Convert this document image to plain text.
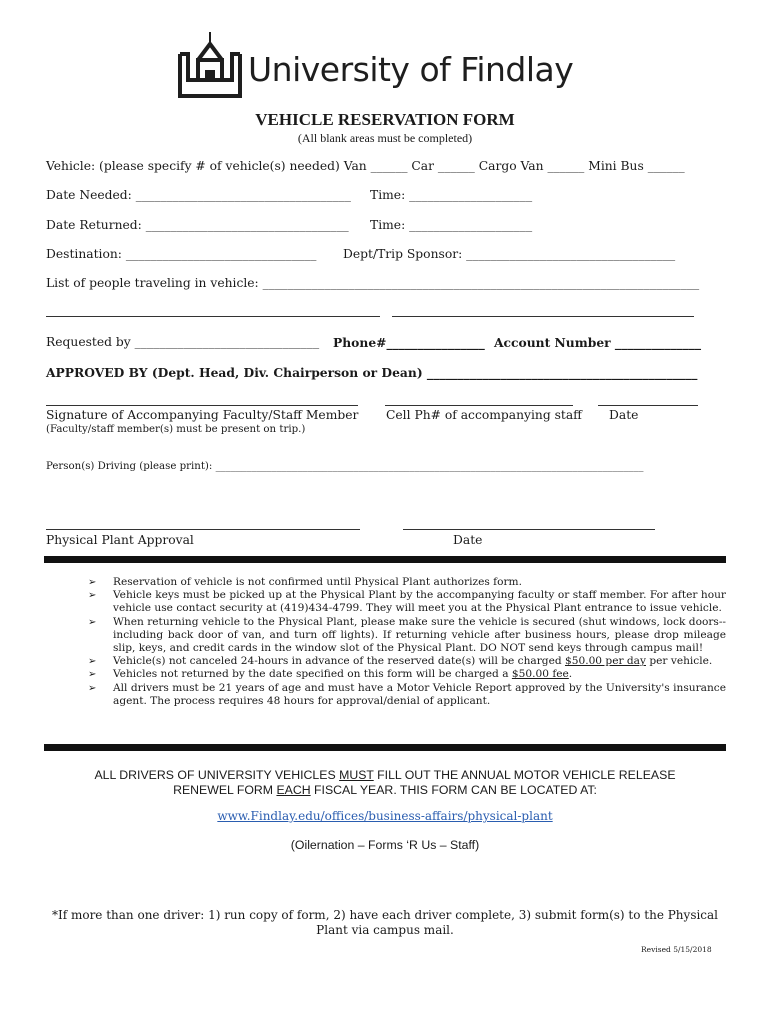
University of Findlay
VEHICLE RESERVATION FORM
(All blank areas must be completed)
Vehicle: (please specify # of vehicle(s) needed) Van ______ Car ______ Cargo Van ______ Mini Bus ______
Date Needed: ___________________________________ Time: ____________________
Date Returned: _________________________________ Time: ____________________
Destination: _______________________________ Dept/Trip Sponsor: __________________________________
List of people traveling in vehicle: _______________________________________________________________________
Requested by ______________________________ Phone#________________ Account Number ______________
APPROVED BY (Dept. Head, Div. Chairperson or Dean) ____________________________________________
Signature of Accompanying Faculty/Staff Member Cell Ph# of accompanying staff Date
(Faculty/staff member(s) must be present on trip.)
Person(s) Driving (please print): ____________________________________________________________________________________
Physical Plant Approval	Date
➢ Reservation of vehicle is not confirmed until Physical Plant authorizes form.
➢ Vehicle keys must be picked up at the Physical Plant by the accompanying faculty or staff member. For after hour vehicle use contact security at (419)434-4799. They will meet you at the Physical Plant entrance to issue vehicle.
➢ When returning vehicle to the Physical Plant, please make sure the vehicle is secured (shut windows, lock doors--including back door of van, and turn off lights). If returning vehicle after business hours, please drop mileage slip, keys, and credit cards in the window slot of the Physical Plant. DO NOT send keys through campus mail!
➢ Vehicle(s) not canceled 24-hours in advance of the reserved date(s) will be charged $50.00 per day per vehicle.
➢ Vehicles not returned by the date specified on this form will be charged a $50.00 fee.
➢ All drivers must be 21 years of age and must have a Motor Vehicle Report approved by the University's insurance agent. The process requires 48 hours for approval/denial of applicant.
ALL DRIVERS OF UNIVERSITY VEHICLES MUST FILL OUT THE ANNUAL MOTOR VEHICLE RELEASE
RENEWEL FORM EACH FISCAL YEAR. THIS FORM CAN BE LOCATED AT:
www.Findlay.edu/offices/business-affairs/physical-plant
(Oilernation – Forms ‘R Us – Staff)
*If more than one driver: 1) run copy of form, 2) have each driver complete, 3) submit form(s) to the Physical
Plant via campus mail.
Revised 5/15/2018
